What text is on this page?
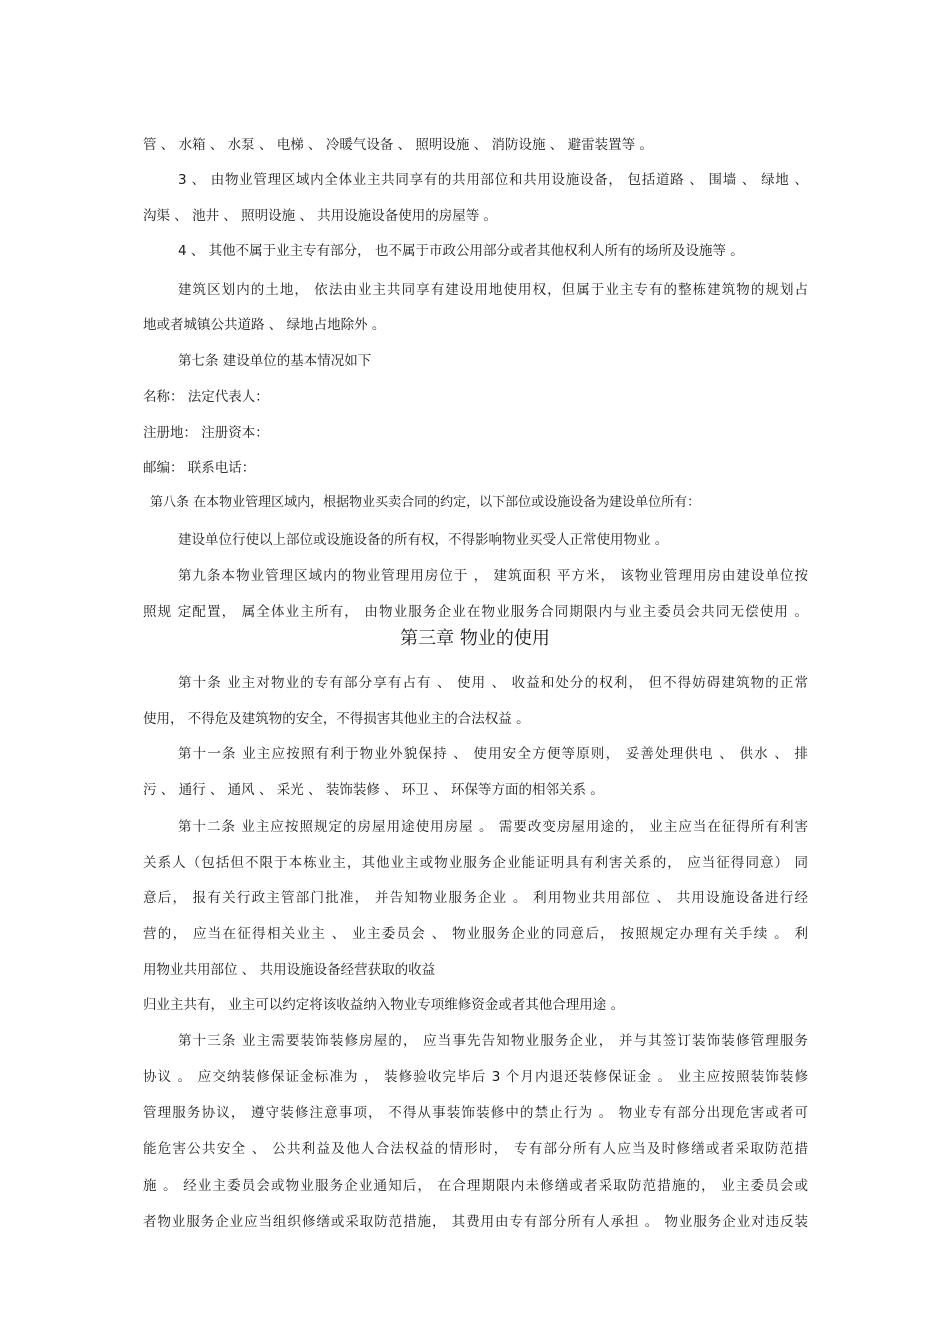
管 、 水箱 、 水泵 、 电梯 、 冷暖气设备 、 照明设施 、 消防设施 、 避雷装置等 。
3 、 由物业管理区域内全体业主共同享有的共用部位和共用设施设备， 包括道路 、 围墙 、 绿地 、
沟渠 、 池井 、 照明设施 、 共用设施设备使用的房屋等 。
4 、 其他不属于业主专有部分， 也不属于市政公用部分或者其他权利人所有的场所及设施等 。
建筑区划内的土地， 依法由业主共同享有建设用地使用权，但属于业主专有的整栋建筑物的规划占
地或者城镇公共道路 、 绿地占地除外 。
第七条 建设单位的基本情况如下
名称： 法定代表人：
注册地： 注册资本：
邮编： 联系电话：
第八条 在本物业管理区域内，根据物业买卖合同的约定，以下部位或设施设备为建设单位所有：
建设单位行使以上部位或设施设备的所有权，不得影响物业买受人正常使用物业 。
第九条本物业管理区域内的物业管理用房位于 ， 建筑面积 平方米， 该物业管理用房由建设单位按
照规 定配置， 属全体业主所有， 由物业服务企业在物业服务合同期限内与业主委员会共同无偿使用 。
第三章 物业的使用
第十条 业主对物业的专有部分享有占有 、 使用 、 收益和处分的权利， 但不得妨碍建筑物的正常
使用， 不得危及建筑物的安全，不得损害其他业主的合法权益 。
第十一条 业主应按照有利于物业外貌保持 、 使用安全方便等原则， 妥善处理供电 、 供水 、 排
污 、 通行 、 通风 、 采光 、 装饰装修 、 环卫 、 环保等方面的相邻关系 。
第十二条 业主应按照规定的房屋用途使用房屋 。 需要改变房屋用途的， 业主应当在征得所有利害
关系人（包括但不限于本栋业主，其他业主或物业服务企业能证明具有利害关系的， 应当征得同意） 同
意后， 报有关行政主管部门批准， 并告知物业服务企业 。 利用物业共用部位 、 共用设施设备进行经
营的， 应当在征得相关业主 、 业主委员会 、 物业服务企业的同意后， 按照规定办理有关手续 。 利
用物业共用部位 、 共用设施设备经营获取的收益
归业主共有， 业主可以约定将该收益纳入物业专项维修资金或者其他合理用途 。
第十三条 业主需要装饰装修房屋的， 应当事先告知物业服务企业， 并与其签订装饰装修管理服务
协议 。 应交纳装修保证金标准为 ， 装修验收完毕后 3 个月内退还装修保证金 。 业主应按照装饰装修
管理服务协议， 遵守装修注意事项， 不得从事装饰装修中的禁止行为 。 物业专有部分出现危害或者可
能危害公共安全 、 公共利益及他人合法权益的情形时， 专有部分所有人应当及时修缮或者采取防范措
施 。 经业主委员会或物业服务企业通知后， 在合理期限内未修缮或者采取防范措施的， 业主委员会或
者物业服务企业应当组织修缮或采取防范措施， 其费用由专有部分所有人承担 。 物业服务企业对违反装
